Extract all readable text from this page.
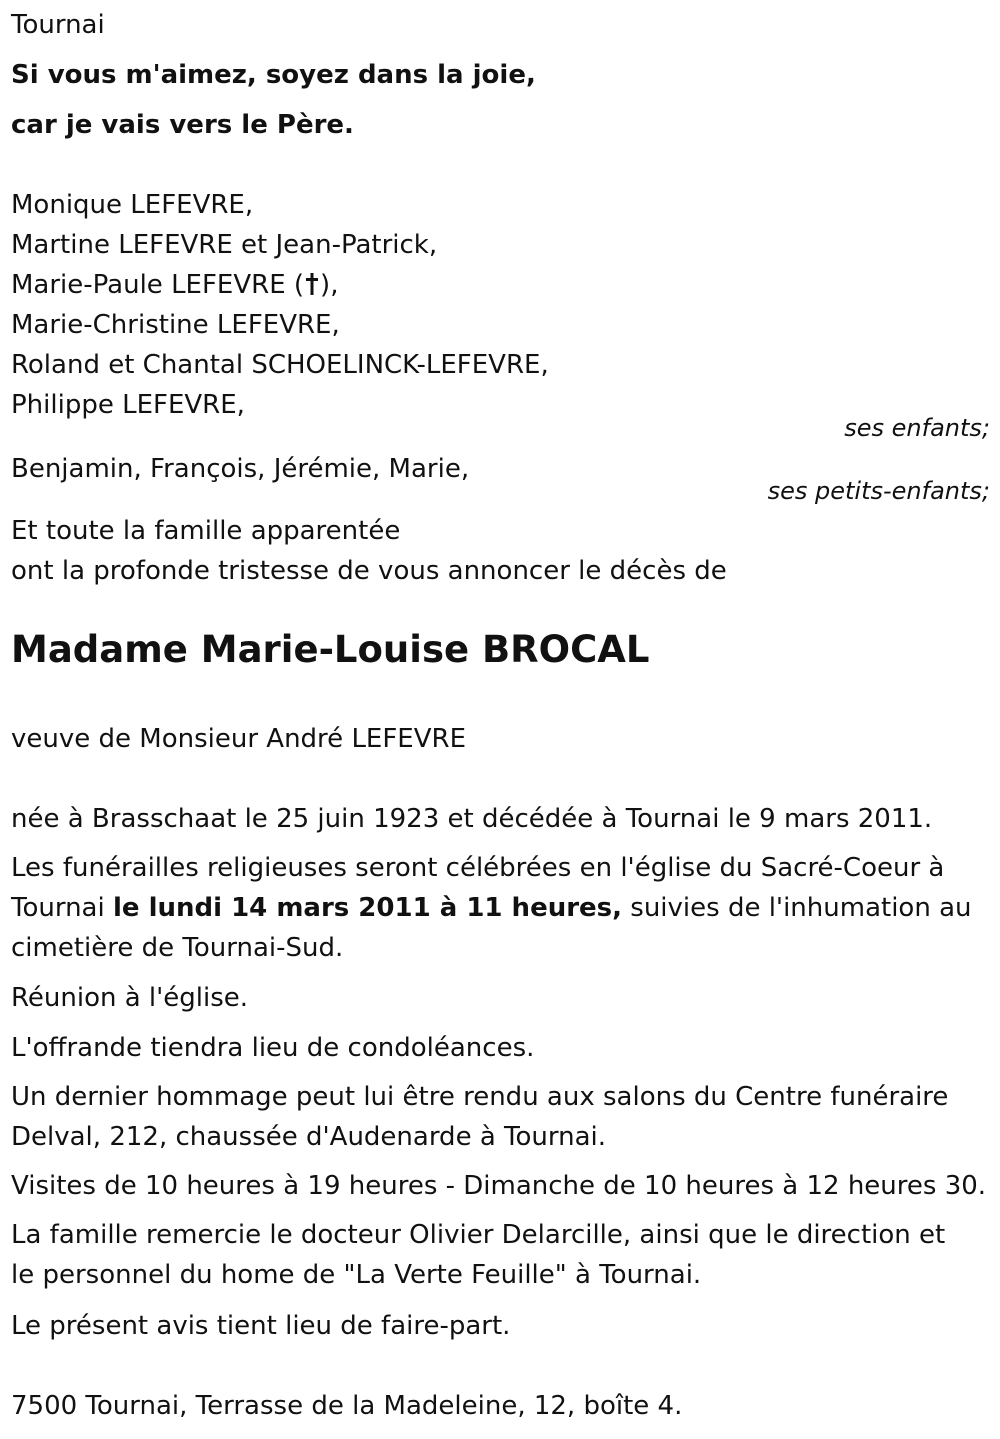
Tournai
Si vous m'aimez, soyez dans la joie,
car je vais vers le Père.
Monique LEFEVRE,
Martine LEFEVRE et Jean-Patrick,
Marie-Paule LEFEVRE ( ),
Marie-Christine LEFEVRE,
Roland et Chantal SCHOELINCK-LEFEVRE,
Philippe LEFEVRE,
ses enfants;
Benjamin, François, Jérémie, Marie,
ses petits-enfants;
Et toute la famille apparentée
ont la profonde tristesse de vous annoncer le décès de
Madame Marie-Louise BROCAL
veuve de Monsieur André LEFEVRE
née à Brasschaat le 25 juin 1923 et décédée à Tournai le 9 mars 2011.
Les funérailles religieuses seront célébrées en l'église du Sacré-Coeur à
Tournai le lundi 14 mars 2011 à 11 heures, suivies de l'inhumation au
cimetière de Tournai-Sud.
Réunion à l'église.
L'offrande tiendra lieu de condoléances.
Un dernier hommage peut lui être rendu aux salons du Centre funéraire
Delval, 212, chaussée d'Audenarde à Tournai.
Visites de 10 heures à 19 heures - Dimanche de 10 heures à 12 heures 30.
La famille remercie le docteur Olivier Delarcille, ainsi que le direction et
le personnel du home de "La Verte Feuille" à Tournai.
Le présent avis tient lieu de faire-part.
7500 Tournai, Terrasse de la Madeleine, 12, boîte 4.
